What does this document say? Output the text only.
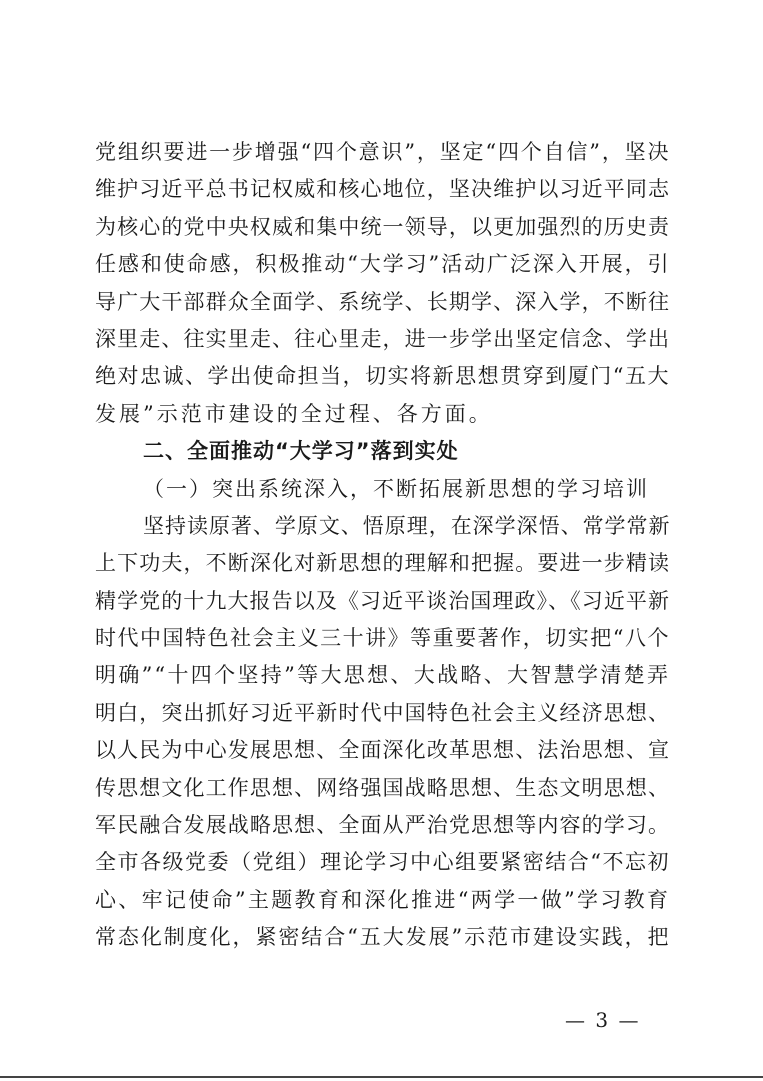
党组织要进一步增强“四个意识”，坚定“四个自信”，坚决
维护习近平总书记权威和核心地位，坚决维护以习近平同志
为核心的党中央权威和集中统一领导，以更加强烈的历史责
任感和使命感，积极推动“大学习”活动广泛深入开展，引
导广大干部群众全面学、系统学、长期学、深入学，不断往
深里走、往实里走、往心里走，进一步学出坚定信念、学出
绝对忠诚、学出使命担当，切实将新思想贯穿到厦门“五大
发展”示范市建设的全过程、各方面。
二、全面推动“大学习”落到实处
（一）突出系统深入，不断拓展新思想的学习培训
坚持读原著、学原文、悟原理，在深学深悟、常学常新
上下功夫，不断深化对新思想的理解和把握。要进一步精读
精学党的十九大报告以及《习近平谈治国理政》、《习近平新
时代中国特色社会主义三十讲》等重要著作，切实把“八个
明确”“十四个坚持”等大思想、大战略、大智慧学清楚弄
明白，突出抓好习近平新时代中国特色社会主义经济思想、
以人民为中心发展思想、全面深化改革思想、法治思想、宣
传思想文化工作思想、网络强国战略思想、生态文明思想、
军民融合发展战略思想、全面从严治党思想等内容的学习。
全市各级党委（党组）理论学习中心组要紧密结合“不忘初
心、牢记使命”主题教育和深化推进“两学一做”学习教育
常态化制度化，紧密结合“五大发展”示范市建设实践，把
— 3 —
